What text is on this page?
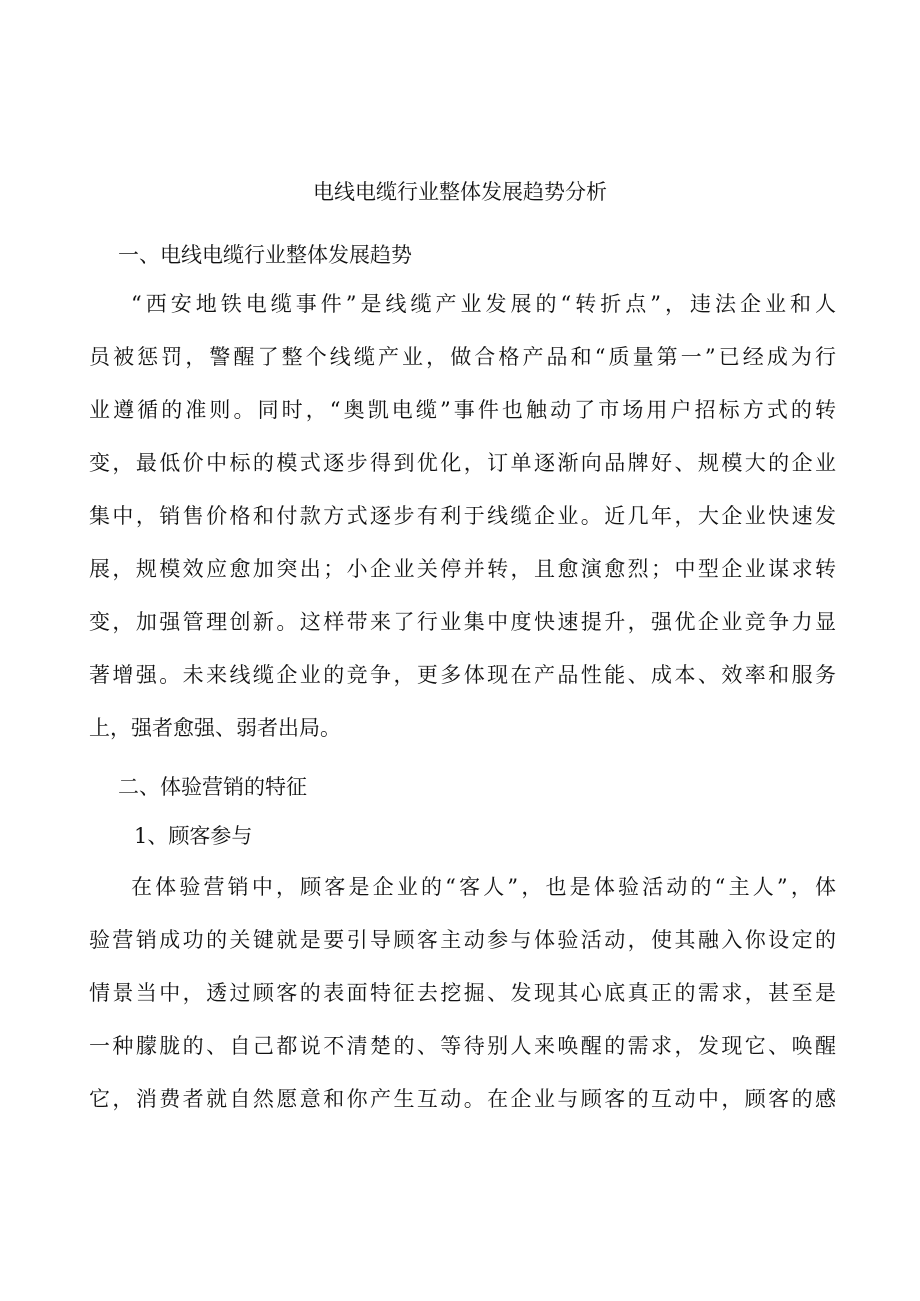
电线电缆行业整体发展趋势分析
一、电线电缆行业整体发展趋势
“西安地铁电缆事件”是线缆产业发展的“转折点”，违法企业和人
员被惩罚，警醒了整个线缆产业，做合格产品和“质量第一”已经成为行
业遵循的准则。同时，“奥凯电缆”事件也触动了市场用户招标方式的转
变，最低价中标的模式逐步得到优化，订单逐渐向品牌好、规模大的企业
集中，销售价格和付款方式逐步有利于线缆企业。近几年，大企业快速发
展，规模效应愈加突出；小企业关停并转，且愈演愈烈；中型企业谋求转
变，加强管理创新。这样带来了行业集中度快速提升，强优企业竞争力显
著增强。未来线缆企业的竞争，更多体现在产品性能、成本、效率和服务
上，强者愈强、弱者出局。
二、体验营销的特征
1、顾客参与
在体验营销中，顾客是企业的“客人”，也是体验活动的“主人”，体
验营销成功的关键就是要引导顾客主动参与体验活动，使其融入你设定的
情景当中，透过顾客的表面特征去挖掘、发现其心底真正的需求，甚至是
一种朦胧的、自己都说不清楚的、等待别人来唤醒的需求，发现它、唤醒
它，消费者就自然愿意和你产生互动。在企业与顾客的互动中，顾客的感
